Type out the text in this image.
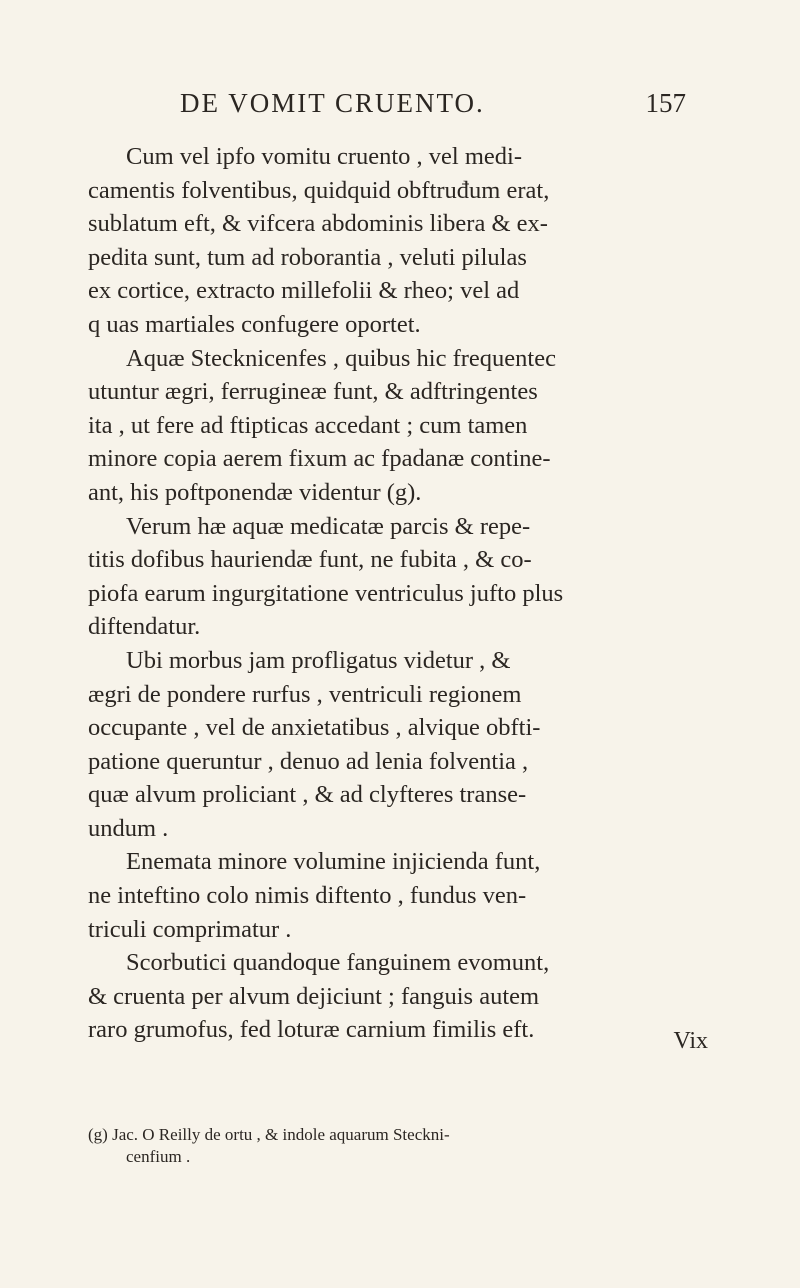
DE VOMIT CRUENTO.	157

Cum vel ipfo vomitu cruento , vel medi-
camentis folventibus, quidquid obftruđum erat,
sublatum eft, & vifcera abdominis libera & ex-
pedita sunt, tum ad roborantia , veluti pilulas
ex cortice, extracto millefolii & rheo; vel ad
q uas martiales confugere oportet.

Aquæ Stecknicenfes , quibus hic frequentec
utuntur ægri, ferrugineæ funt, & adftringentes
ita , ut fere ad ftipticas accedant ; cum tamen
minore copia aerem fixum ac fpadanæ contine-
ant, his poftponendæ videntur (g).

Verum hæ aquæ medicatæ parcis & repe-
titis dofibus hauriendæ funt, ne fubita , & co-
piofa earum ingurgitatione ventriculus jufto plus
diftendatur.

Ubi morbus jam profligatus videtur , &
ægri de pondere rurfus , ventriculi regionem
occupante , vel de anxietatibus , alvique obfti-
patione queruntur , denuo ad lenia folventia ,
quæ alvum proliciant , & ad clyfteres transe-
undum .

Enemata minore volumine injicienda funt,
ne inteftino colo nimis diftento , fundus ven-
triculi comprimatur .

Scorbutici quandoque fanguinem evomunt,
& cruenta per alvum dejiciunt ; fanguis autem
raro grumofus, fed loturæ carnium fimilis eft.	Vix
(g) Jac. O Reilly de ortu , & indole aquarum Steckni-
cenfium .
